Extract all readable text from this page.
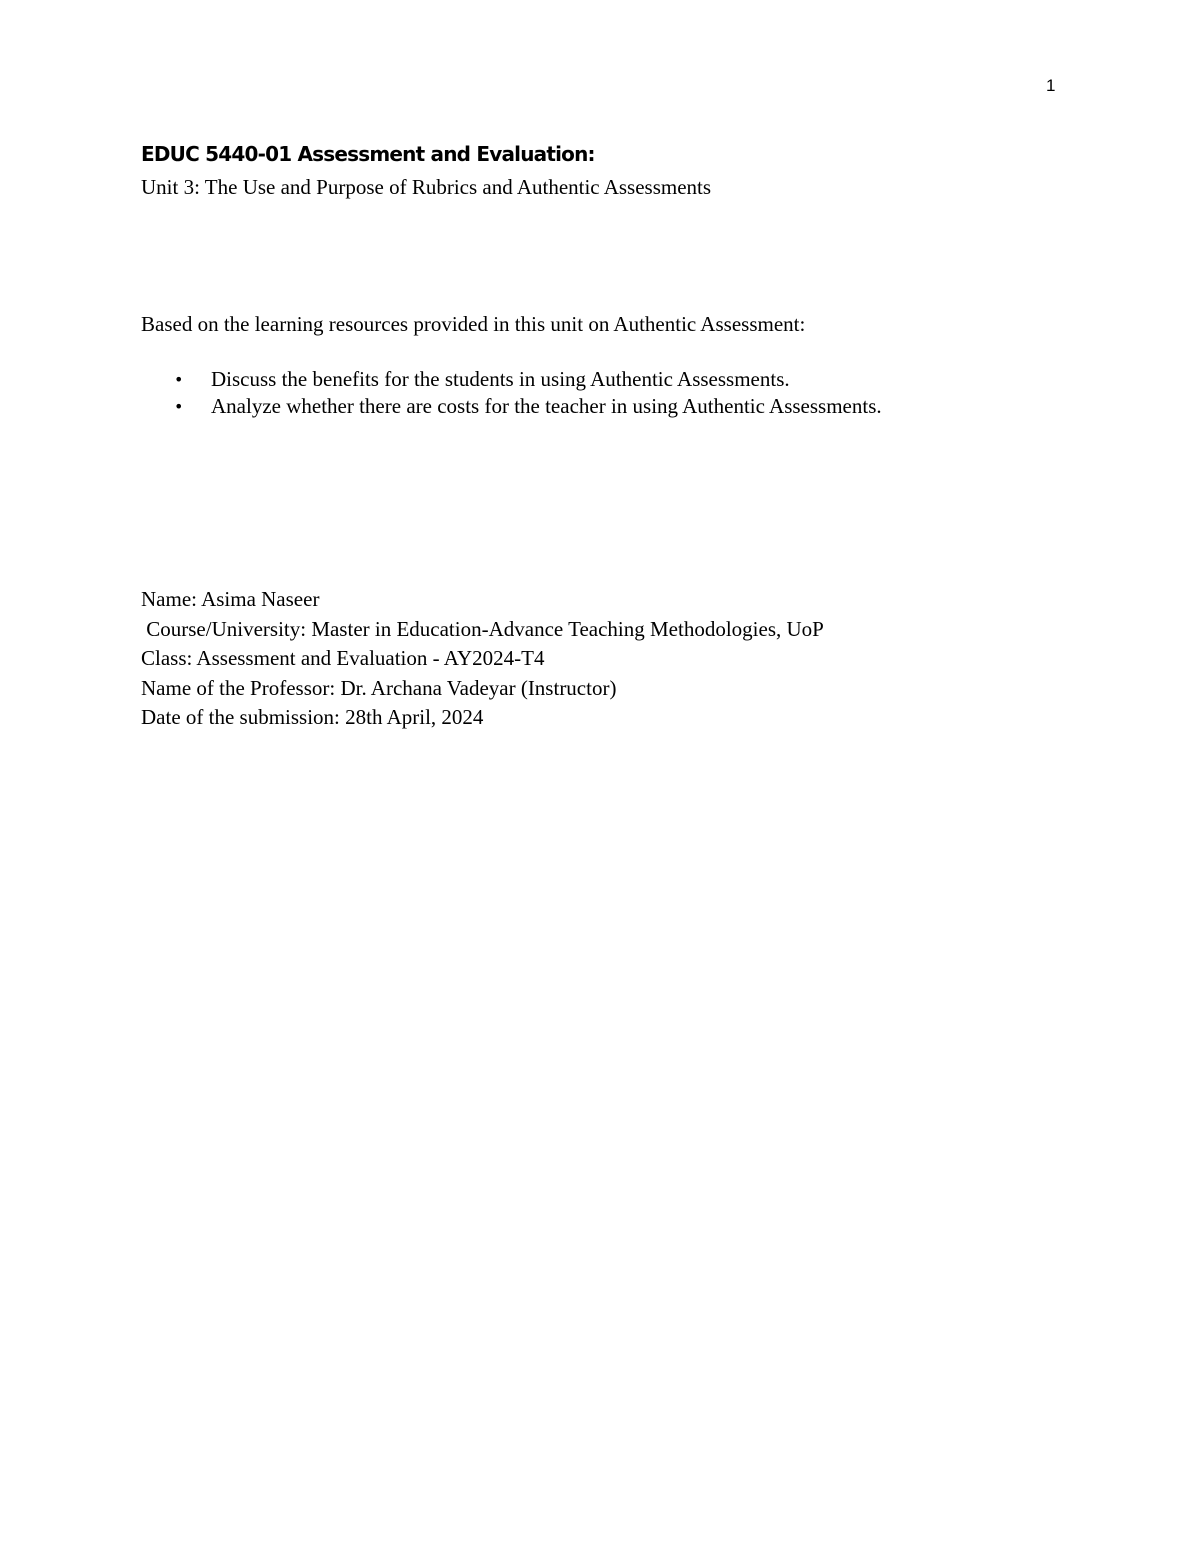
1
EDUC 5440-01 Assessment and Evaluation:
Unit 3: The Use and Purpose of Rubrics and Authentic Assessments
Based on the learning resources provided in this unit on Authentic Assessment:
• Discuss the benefits for the students in using Authentic Assessments.
• Analyze whether there are costs for the teacher in using Authentic Assessments.
Name: Asima Naseer
Course/University: Master in Education-Advance Teaching Methodologies, UoP
Class: Assessment and Evaluation - AY2024-T4
Name of the Professor: Dr. Archana Vadeyar (Instructor)
Date of the submission: 28th April, 2024
